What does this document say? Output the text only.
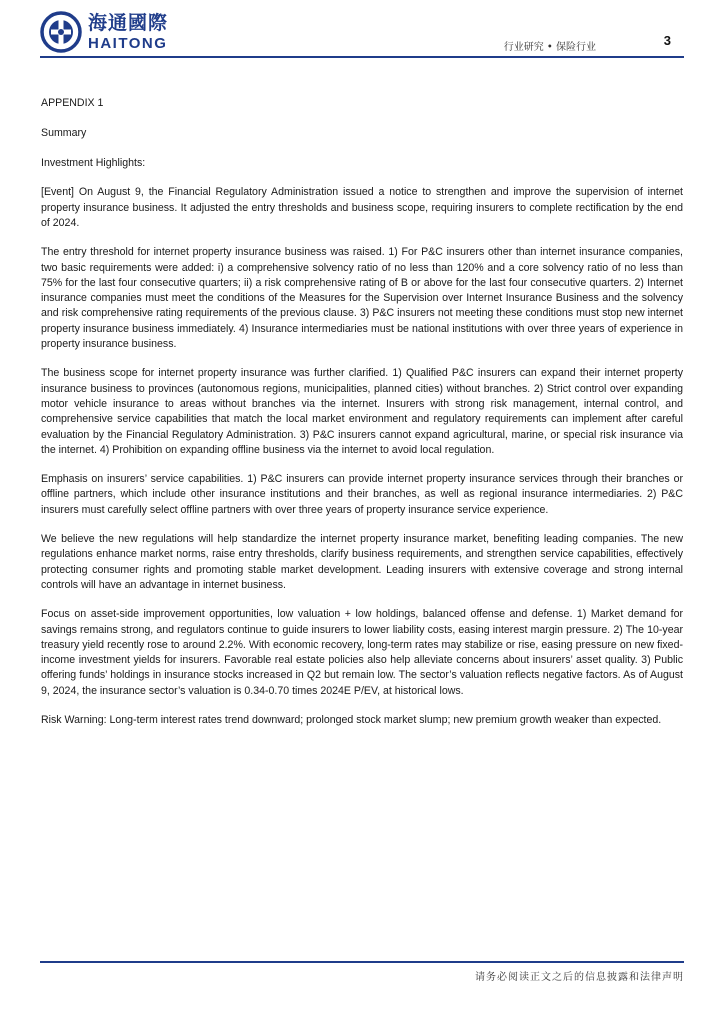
海通國際
HAITONG	行业研究 • 保险行业	3

APPENDIX 1

Summary

Investment Highlights:

[Event] On August 9, the Financial Regulatory Administration issued a notice to strengthen and improve the supervision of internet property insurance business. It adjusted the entry thresholds and business scope, requiring insurers to complete rectification by the end of 2024.

The entry threshold for internet property insurance business was raised. 1) For P&C insurers other than internet insurance companies, two basic requirements were added: i) a comprehensive solvency ratio of no less than 120% and a core solvency ratio of no less than 75% for the last four consecutive quarters; ii) a risk comprehensive rating of B or above for the last four consecutive quarters. 2) Internet insurance companies must meet the conditions of the Measures for the Supervision over Internet Insurance Business and the solvency and risk comprehensive rating requirements of the previous clause. 3) P&C insurers not meeting these conditions must stop new internet property insurance business immediately. 4) Insurance intermediaries must be national institutions with over three years of experience in property insurance business.

The business scope for internet property insurance was further clarified. 1) Qualified P&C insurers can expand their internet property insurance business to provinces (autonomous regions, municipalities, planned cities) without branches. 2) Strict control over expanding motor vehicle insurance to areas without branches via the internet. Insurers with strong risk management, internal control, and comprehensive service capabilities that match the local market environment and regulatory requirements can implement after careful evaluation by the Financial Regulatory Administration. 3) P&C insurers cannot expand agricultural, marine, or special risk insurance via the internet. 4) Prohibition on expanding offline business via the internet to avoid local regulation.

Emphasis on insurers’ service capabilities. 1) P&C insurers can provide internet property insurance services through their branches or offline partners, which include other insurance institutions and their branches, as well as regional insurance intermediaries. 2) P&C insurers must carefully select offline partners with over three years of property insurance service experience.

We believe the new regulations will help standardize the internet property insurance market, benefiting leading companies. The new regulations enhance market norms, raise entry thresholds, clarify business requirements, and strengthen service capabilities, effectively protecting consumer rights and promoting stable market development. Leading insurers with extensive coverage and strong internal controls will have an advantage in internet business.

Focus on asset-side improvement opportunities, low valuation + low holdings, balanced offense and defense. 1) Market demand for savings remains strong, and regulators continue to guide insurers to lower liability costs, easing interest margin pressure. 2) The 10-year treasury yield recently rose to around 2.2%. With economic recovery, long-term rates may stabilize or rise, easing pressure on new fixed-income investment yields for insurers. Favorable real estate policies also help alleviate concerns about insurers’ asset quality. 3) Public offering funds’ holdings in insurance stocks increased in Q2 but remain low. The sector’s valuation reflects negative factors. As of August 9, 2024, the insurance sector’s valuation is 0.34-0.70 times 2024E P/EV, at historical lows.

Risk Warning: Long-term interest rates trend downward; prolonged stock market slump; new premium growth weaker than expected.

请务必阅读正文之后的信息披露和法律声明
